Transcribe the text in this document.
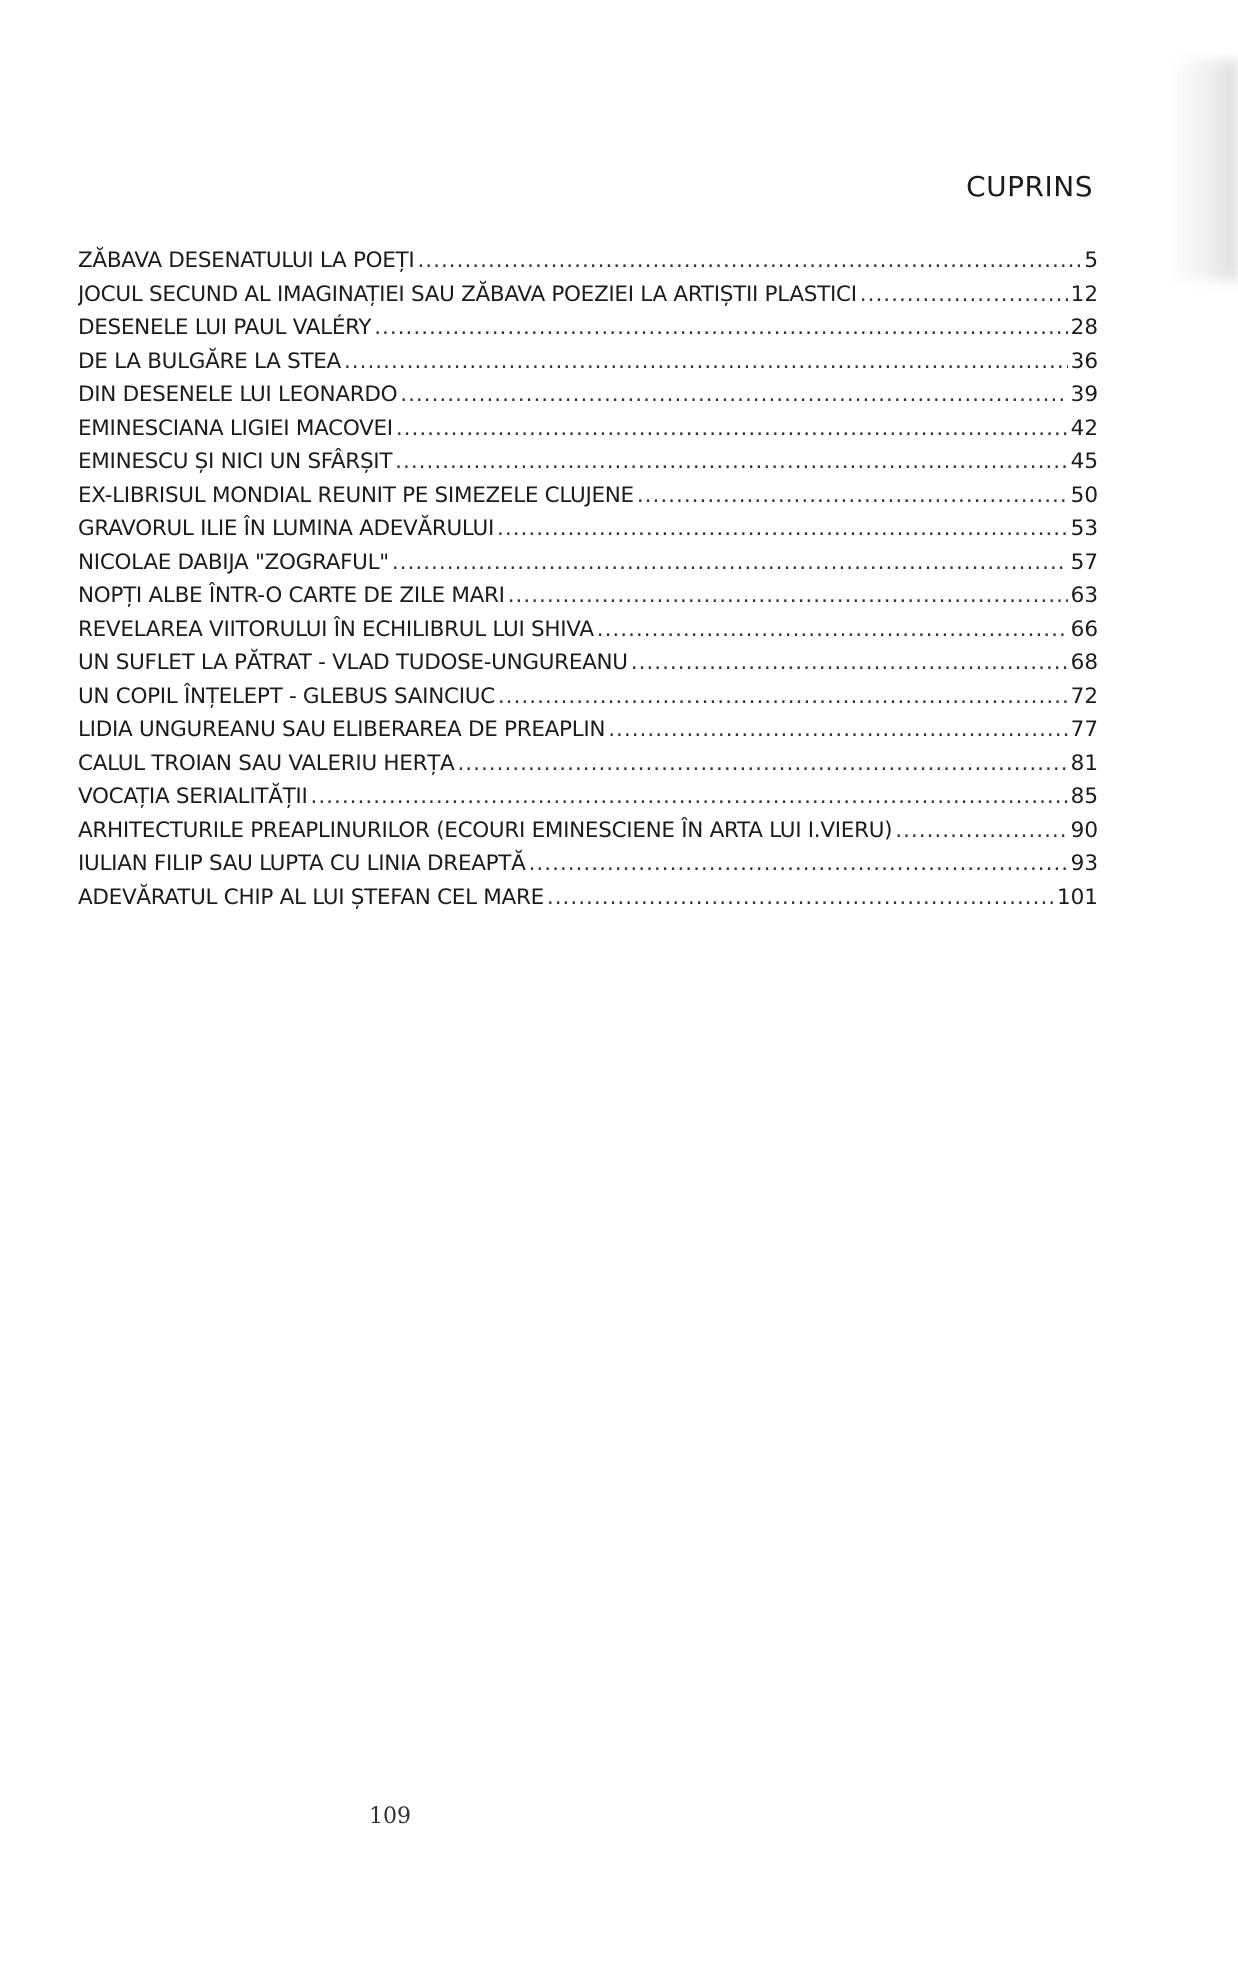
CUPRINS
ZĂBAVA DESENATULUI LA POEȚI .....	5
JOCUL SECUND AL IMAGINAȚIEI SAU ZĂBAVA POEZIEI LA ARTIȘTII PLASTICI .....	12
DESENELE LUI PAUL VALÉRY .....	28
DE LA BULGĂRE LA STEA .....	36
DIN DESENELE LUI LEONARDO .....	39
EMINESCIANA LIGIEI MACOVEI .....	42
EMINESCU ȘI NICI UN SFÂRȘIT .....	45
EX-LIBRISUL MONDIAL REUNIT PE SIMEZELE CLUJENE .....	50
GRAVORUL ILIE ÎN LUMINA ADEVĂRULUI .....	53
NICOLAE DABIJA "ZOGRAFUL" .....	57
NOPȚI ALBE ÎNTR-O CARTE DE ZILE MARI .....	63
REVELAREA VIITORULUI ÎN ECHILIBRUL LUI SHIVA .....	66
UN SUFLET LA PĂTRAT - VLAD TUDOSE-UNGUREANU .....	68
UN COPIL ÎNȚELEPT - GLEBUS SAINCIUC .....	72
LIDIA UNGUREANU SAU ELIBERAREA DE PREAPLIN .....	77
CALUL TROIAN SAU VALERIU HERȚA .....	81
VOCAȚIA SERIALITĂȚII .....	85
ARHITECTURILE PREAPLINURILOR (ECOURI EMINESCIENE ÎN ARTA LUI I.VIERU) .....	90
IULIAN FILIP SAU LUPTA CU LINIA DREAPTĂ .....	93
ADEVĂRATUL CHIP AL LUI ȘTEFAN CEL MARE .....	101
109
